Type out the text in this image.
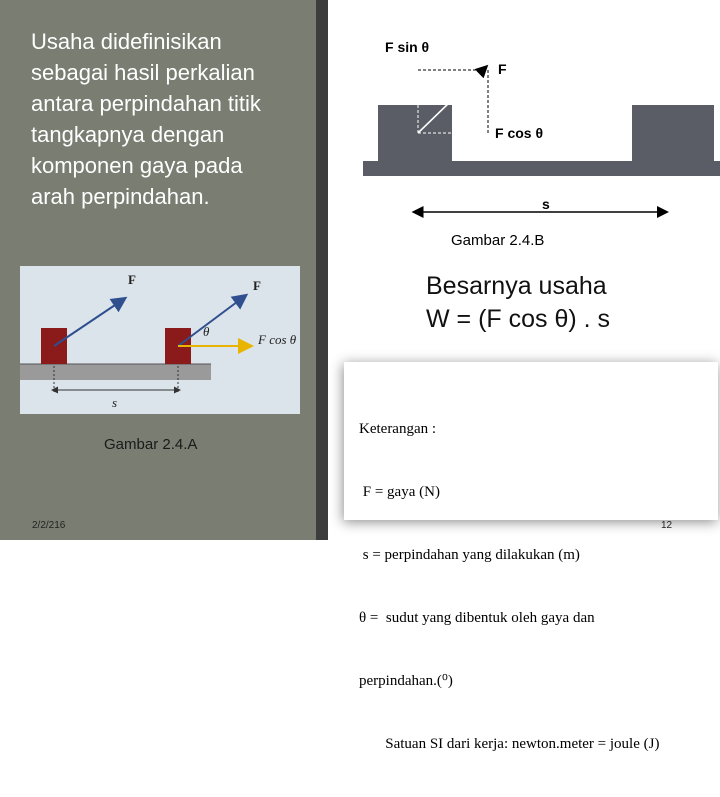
Usaha didefinisikan
sebagai hasil perkalian
antara perpindahan titik
tangkapnya dengan
komponen gaya pada
arah perpindahan.

F	F
θ
F cos θ
s
Gambar 2.4.A
F sin θ
F
F cos θ
s
Gambar 2.4.B
Besarnya usaha
W = (F cos θ) . s

Keterangan :

F = gaya (N)

s = perpindahan yang dilakukan (m)

θ =  sudut yang dibentuk oleh gaya dan

perpindahan.(⁰)

Satuan SI dari kerja: newton.meter = joule (J)

2/2/216	12
